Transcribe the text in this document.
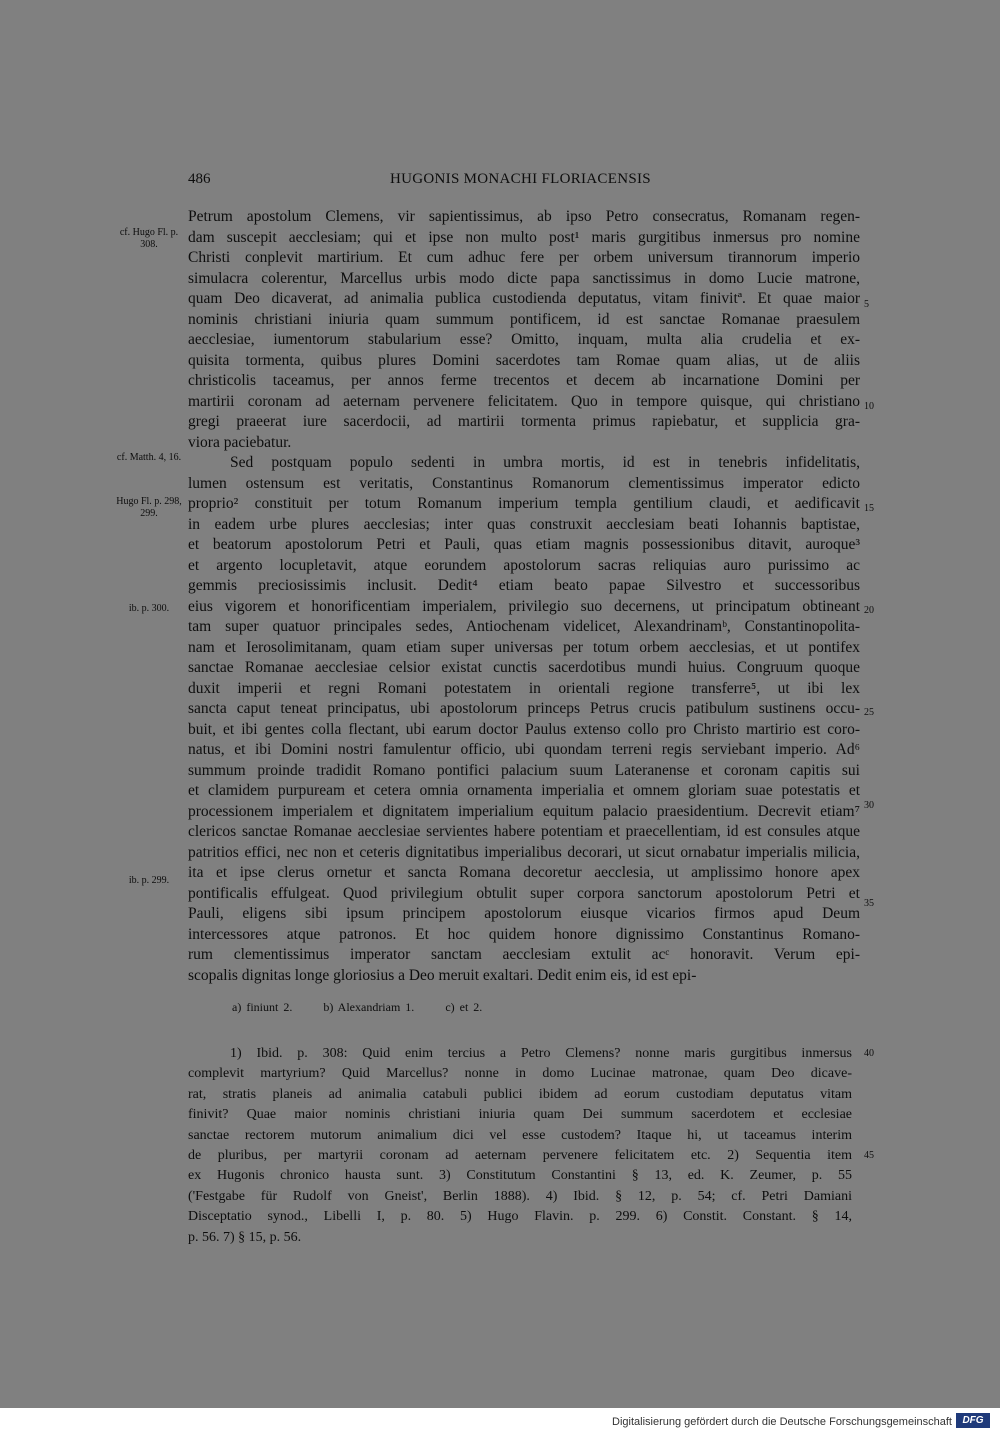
486	HUGONIS MONACHI FLORIACENSIS
cf. Hugo Fl. p. 308.
cf. Matth. 4, 16.
Hugo Fl. p. 298, 299.
ib. p. 300.
ib. p. 299.
5
10
15
20
25
30
35
Petrum apostolum Clemens, vir sapientissimus, ab ipso Petro consecratus, Romanam regen-
dam suscepit aecclesiam; qui et ipse non multo post¹ maris gurgitibus inmersus pro nomine
Christi conplevit martirium. Et cum adhuc fere per orbem universum tirannorum imperio
simulacra colerentur, Marcellus urbis modo dicte papa sanctissimus in domo Lucie matrone,
quam Deo dicaverat, ad animalia publica custodienda deputatus, vitam finivitª. Et quae maior
nominis christiani iniuria quam summum pontificem, id est sanctae Romanae praesulem
aecclesiae, iumentorum stabularium esse? Omitto, inquam, multa alia crudelia et ex-
quisita tormenta, quibus plures Domini sacerdotes tam Romae quam alias, ut de aliis
christicolis taceamus, per annos ferme trecentos et decem ab incarnatione Domini per
martirii coronam ad aeternam pervenere felicitatem. Quo in tempore quisque, qui christiano
gregi praeerat iure sacerdocii, ad martirii tormenta primus rapiebatur, et supplicia gra-
viora paciebatur.
Sed postquam populo sedenti in umbra mortis, id est in tenebris infidelitatis,
lumen ostensum est veritatis, Constantinus Romanorum clementissimus imperator edicto
proprio² constituit per totum Romanum imperium templa gentilium claudi, et aedificavit
in eadem urbe plures aecclesias; inter quas construxit aecclesiam beati Iohannis baptistae,
et beatorum apostolorum Petri et Pauli, quas etiam magnis possessionibus ditavit, auroque³
et argento locupletavit, atque eorundem apostolorum sacras reliquias auro purissimo ac
gemmis preciosissimis inclusit. Dedit⁴ etiam beato papae Silvestro et successoribus
eius vigorem et honorificentiam imperialem, privilegio suo decernens, ut principatum obtineant
tam super quatuor principales sedes, Antiochenam videlicet, Alexandrinamᵇ, Constantinopolita-
nam et Ierosolimitanam, quam etiam super universas per totum orbem aecclesias, et ut pontifex
sanctae Romanae aecclesiae celsior existat cunctis sacerdotibus mundi huius. Congruum quoque
duxit imperii et regni Romani potestatem in orientali regione transferre⁵, ut ibi lex
sancta caput teneat principatus, ubi apostolorum princeps Petrus crucis patibulum sustinens occu-
buit, et ibi gentes colla flectant, ubi earum doctor Paulus extenso collo pro Christo martirio est coro-
natus, et ibi Domini nostri famulentur officio, ubi quondam terreni regis serviebant imperio. Ad⁶
summum proinde tradidit Romano pontifici palacium suum Lateranense et coronam capitis sui
et clamidem purpuream et cetera omnia ornamenta imperialia et omnem gloriam suae potestatis et
processionem imperialem et dignitatem imperialium equitum palacio praesidentium. Decrevit etiam⁷
clericos sanctae Romanae aecclesiae servientes habere potentiam et praecellentiam, id est consules atque
patritios effici, nec non et ceteris dignitatibus imperialibus decorari, ut sicut ornabatur imperialis milicia,
ita et ipse clerus ornetur et sancta Romana decoretur aecclesia, ut amplissimo honore apex
pontificalis effulgeat. Quod privilegium obtulit super corpora sanctorum apostolorum Petri et
Pauli, eligens sibi ipsum principem apostolorum eiusque vicarios firmos apud Deum
intercessores atque patronos. Et hoc quidem honore dignissimo Constantinus Romano-
rum clementissimus imperator sanctam aecclesiam extulit acᶜ honoravit. Verum epi-
scopalis dignitas longe gloriosius a Deo meruit exaltari. Dedit enim eis, id est epi-
a) finiunt 2.	b) Alexandriam 1.	c) et 2.
40
45
1) Ibid. p. 308: Quid enim tercius a Petro Clemens? nonne maris gurgitibus inmersus
complevit martyrium? Quid Marcellus? nonne in domo Lucinae matronae, quam Deo dicave-
rat, stratis planeis ad animalia catabuli publici ibidem ad eorum custodiam deputatus vitam
finivit? Quae maior nominis christiani iniuria quam Dei summum sacerdotem et ecclesiae
sanctae rectorem mutorum animalium dici vel esse custodem? Itaque hi, ut taceamus interim
de pluribus, per martyrii coronam ad aeternam pervenere felicitatem etc. 2) Sequentia item
ex Hugonis chronico hausta sunt. 3) Constitutum Constantini § 13, ed. K. Zeumer, p. 55
('Festgabe für Rudolf von Gneist', Berlin 1888). 4) Ibid. § 12, p. 54; cf. Petri Damiani
Disceptatio synod., Libelli I, p. 80. 5) Hugo Flavin. p. 299. 6) Constit. Constant. § 14,
p. 56. 7) § 15, p. 56.
Digitalisierung gefördert durch die Deutsche Forschungsgemeinschaft	DFG
